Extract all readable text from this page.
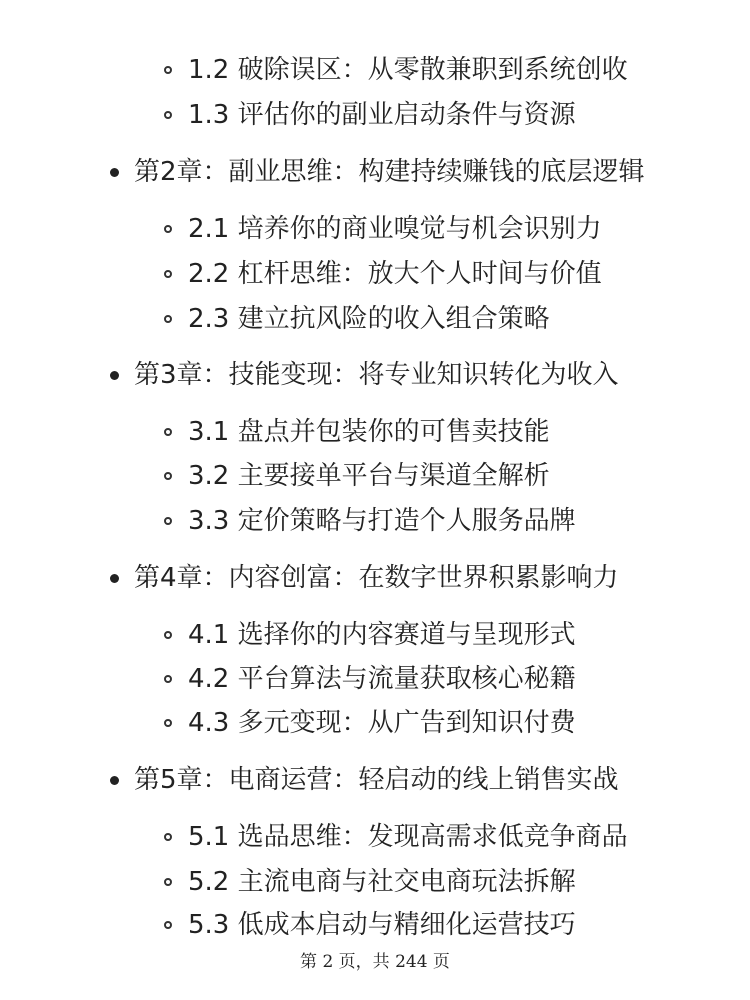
1.2 破除误区：从零散兼职到系统创收
1.3 评估你的副业启动条件与资源
第2章：副业思维：构建持续赚钱的底层逻辑
2.1 培养你的商业嗅觉与机会识别力
2.2 杠杆思维：放大个人时间与价值
2.3 建立抗风险的收入组合策略
第3章：技能变现：将专业知识转化为收入
3.1 盘点并包装你的可售卖技能
3.2 主要接单平台与渠道全解析
3.3 定价策略与打造个人服务品牌
第4章：内容创富：在数字世界积累影响力
4.1 选择你的内容赛道与呈现形式
4.2 平台算法与流量获取核心秘籍
4.3 多元变现：从广告到知识付费
第5章：电商运营：轻启动的线上销售实战
5.1 选品思维：发现高需求低竞争商品
5.2 主流电商与社交电商玩法拆解
5.3 低成本启动与精细化运营技巧
第 2 页，共 244 页
